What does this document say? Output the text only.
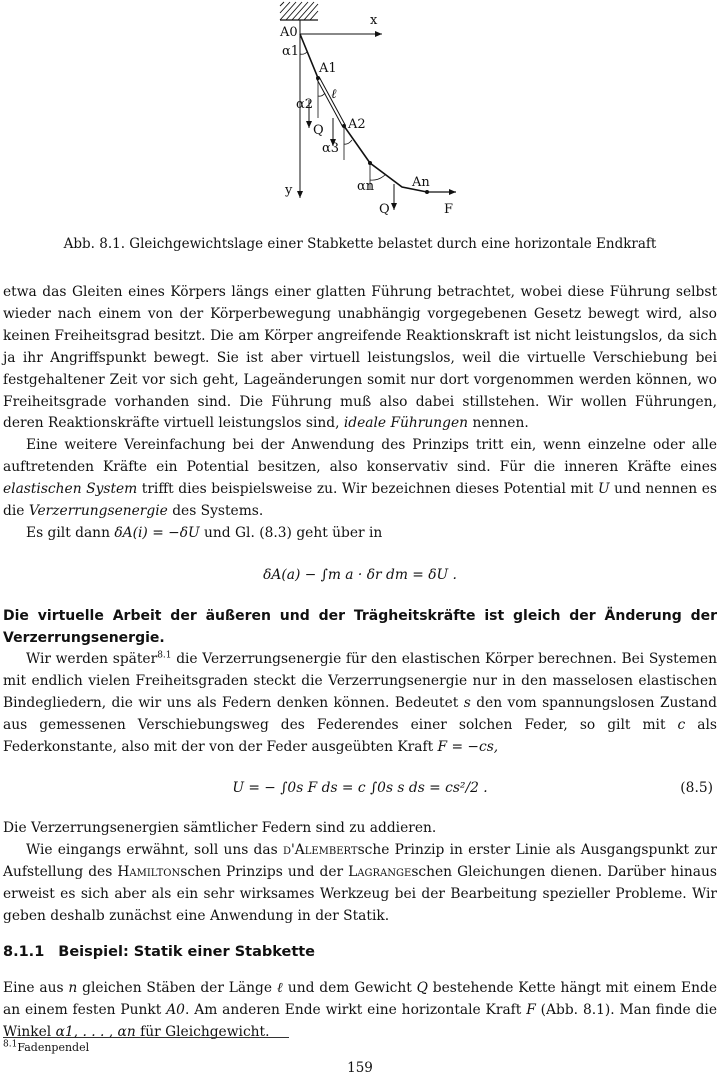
x
A0
α1
A1
ℓ
α2
A2
Q
α3
αn	An
y
Q	F
Abb. 8.1. Gleichgewichtslage einer Stabkette belastet durch eine horizontale Endkraft

etwa das Gleiten eines Körpers längs einer glatten Führung betrachtet, wobei diese Führung selbst wieder nach einem von der Körperbewegung unabhängig vorgegebenen Gesetz bewegt wird, also keinen Freiheitsgrad besitzt. Die am Körper angreifende Reaktionskraft ist nicht leistungslos, da sich ja ihr Angriffspunkt bewegt. Sie ist aber virtuell leistungslos, weil die virtuelle Verschiebung bei festgehaltener Zeit vor sich geht, Lageänderungen somit nur dort vorgenommen werden können, wo Freiheitsgrade vorhanden sind. Die Führung muß also dabei stillstehen. Wir wollen Führungen, deren Reaktionskräfte virtuell leistungslos sind, ideale Führungen nennen.

Eine weitere Vereinfachung bei der Anwendung des Prinzips tritt ein, wenn einzelne oder alle auftretenden Kräfte ein Potential besitzen, also konservativ sind. Für die inneren Kräfte eines elastischen System trifft dies beispielsweise zu. Wir bezeichnen dieses Potential mit U und nennen es die Verzerrungsenergie des Systems.

Es gilt dann δA(i) = −δU und Gl. (8.3) geht über in

δA(a) − ∫m a · δr dm = δU .

Die virtuelle Arbeit der äußeren und der Trägheitskräfte ist gleich der Änderung der Verzerrungsenergie.

Wir werden später$^{8.1}$ die Verzerrungsenergie für den elastischen Körper berechnen. Bei Systemen mit endlich vielen Freiheitsgraden steckt die Verzerrungsenergie nur in den masselosen elastischen Bindegliedern, die wir uns als Federn denken können. Bedeutet s den vom spannungslosen Zustand aus gemessenen Verschiebungsweg des Federendes einer solchen Feder, so gilt mit c als Federkonstante, also mit der von der Feder ausgeübten Kraft F = −cs,

U = − ∫0s F ds = c ∫0s s ds = cs²/2 .	(8.5)

Die Verzerrungsenergien sämtlicher Federn sind zu addieren.

Wie eingangs erwähnt, soll uns das d'Alembertsche Prinzip in erster Linie als Ausgangspunkt zur Aufstellung des Hamiltonschen Prinzips und der Lagrangeschen Gleichungen dienen. Darüber hinaus erweist es sich aber als ein sehr wirksames Werkzeug bei der Bearbeitung spezieller Probleme. Wir geben deshalb zunächst eine Anwendung in der Statik.

8.1.1 Beispiel: Statik einer Stabkette

Eine aus n gleichen Stäben der Länge ℓ und dem Gewicht Q bestehende Kette hängt mit einem Ende an einem festen Punkt A0. Am anderen Ende wirkt eine horizontale Kraft F (Abb. 8.1). Man finde die Winkel α1, . . . , αn für Gleichgewicht.

$^{8.1}$Fadenpendel
159
